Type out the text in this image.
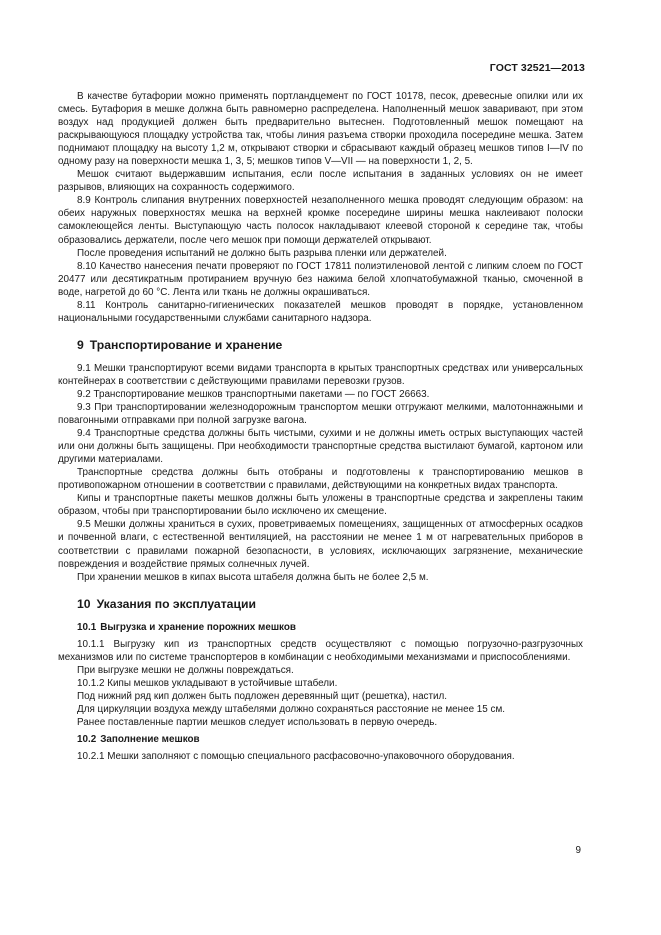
ГОСТ 32521—2013

В качестве бутафории можно применять портландцемент по ГОСТ 10178, песок, древесные опилки или их смесь. Бутафория в мешке должна быть равномерно распределена. Наполненный мешок заваривают, при этом воздух над продукцией должен быть предварительно вытеснен. Подготовленный мешок помещают на раскрывающуюся площадку устройства так, чтобы линия разъема створки проходила посередине мешка. Затем поднимают площадку на высоту 1,2 м, открывают створки и сбрасывают каждый образец мешков типов I—IV по одному разу на поверхности мешка 1, 3, 5; мешков типов V—VII — на поверхности 1, 2, 5.

Мешок считают выдержавшим испытания, если после испытания в заданных условиях он не имеет разрывов, влияющих на сохранность содержимого.

8.9 Контроль слипания внутренних поверхностей незаполненного мешка проводят следующим образом: на обеих наружных поверхностях мешка на верхней кромке посередине ширины мешка наклеивают полоски самоклеющейся ленты. Выступающую часть полосок накладывают клеевой стороной к середине так, чтобы образовались держатели, после чего мешок при помощи держателей открывают.

После проведения испытаний не должно быть разрыва пленки или держателей.

8.10 Качество нанесения печати проверяют по ГОСТ 17811 полиэтиленовой лентой с липким слоем по ГОСТ 20477 или десятикратным протиранием вручную без нажима белой хлопчатобумажной тканью, смоченной в воде, нагретой до 60 °С. Лента или ткань не должны окрашиваться.

8.11 Контроль санитарно-гигиенических показателей мешков проводят в порядке, установленном национальными государственными службами санитарного надзора.

9 Транспортирование и хранение

9.1 Мешки транспортируют всеми видами транспорта в крытых транспортных средствах или универсальных контейнерах в соответствии с действующими правилами перевозки грузов.

9.2 Транспортирование мешков транспортными пакетами — по ГОСТ 26663.

9.3 При транспортировании железнодорожным транспортом мешки отгружают мелкими, малотоннажными и повагонными отправками при полной загрузке вагона.

9.4 Транспортные средства должны быть чистыми, сухими и не должны иметь острых выступающих частей или они должны быть защищены. При необходимости транспортные средства выстилают бумагой, картоном или другими материалами.

Транспортные средства должны быть отобраны и подготовлены к транспортированию мешков в противопожарном отношении в соответствии с правилами, действующими на конкретных видах транспорта.

Кипы и транспортные пакеты мешков должны быть уложены в транспортные средства и закреплены таким образом, чтобы при транспортировании было исключено их смещение.

9.5 Мешки должны храниться в сухих, проветриваемых помещениях, защищенных от атмосферных осадков и почвенной влаги, с естественной вентиляцией, на расстоянии не менее 1 м от нагревательных приборов в соответствии с правилами пожарной безопасности, в условиях, исключающих загрязнение, механические повреждения и воздействие прямых солнечных лучей.

При хранении мешков в кипах высота штабеля должна быть не более 2,5 м.

10 Указания по эксплуатации
10.1 Выгрузка и хранение порожних мешков

10.1.1 Выгрузку кип из транспортных средств осуществляют с помощью погрузочно-разгрузочных механизмов или по системе транспортеров в комбинации с необходимыми механизмами и приспособлениями.

При выгрузке мешки не должны повреждаться.

10.1.2 Кипы мешков укладывают в устойчивые штабели.

Под нижний ряд кип должен быть подложен деревянный щит (решетка), настил.

Для циркуляции воздуха между штабелями должно сохраняться расстояние не менее 15 см.

Ранее поставленные партии мешков следует использовать в первую очередь.

10.2 Заполнение мешков

10.2.1 Мешки заполняют с помощью специального расфасовочно-упаковочного оборудования.

9
